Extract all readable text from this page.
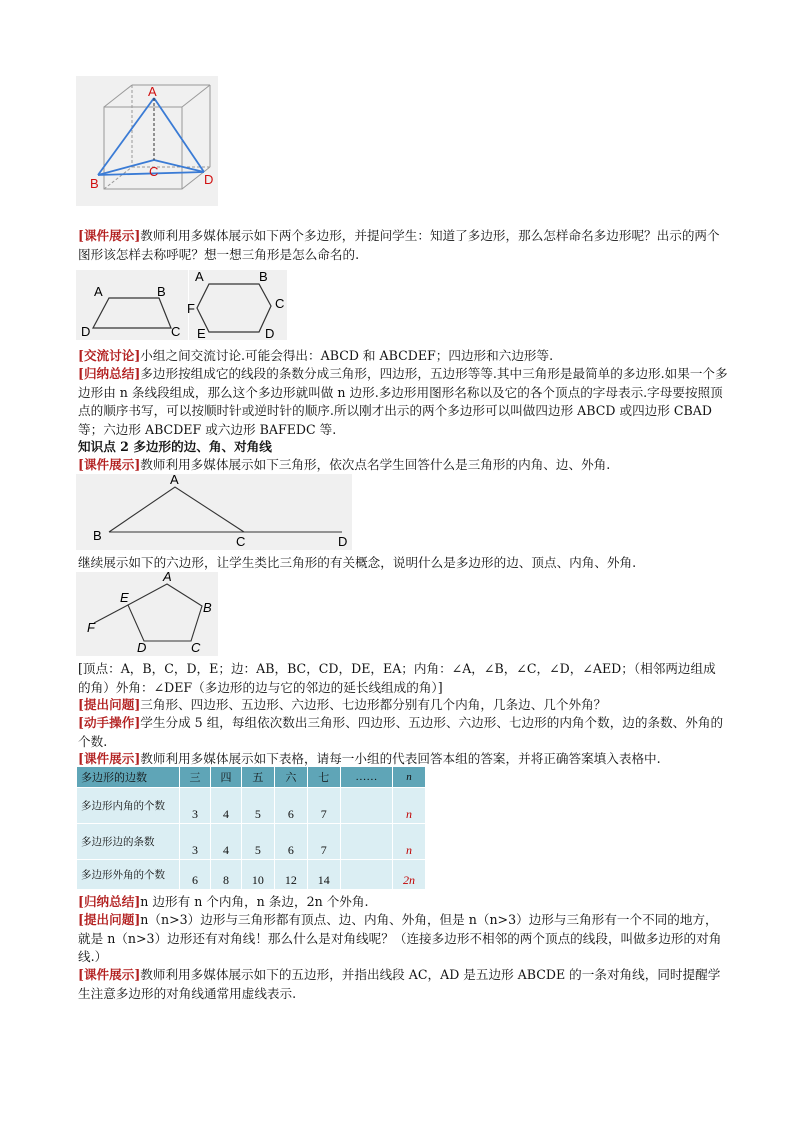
A
B
C
D
[课件展示]教师利用多媒体展示如下两个多边形，并提问学生：知道了多边形，那么怎样命名多边形呢？出示的两个图形该怎样去称呼呢？想一想三角形是怎么命名的.
A	B
C
D
A	B
C
D
E
F
[交流讨论]小组之间交流讨论.可能会得出：ABCD 和 ABCDEF；四边形和六边形等.
[归纳总结]多边形按组成它的线段的条数分成三角形，四边形，五边形等等.其中三角形是最简单的多边形.如果一个多边形由 n 条线段组成，那么这个多边形就叫做 n 边形.多边形用图形名称以及它的各个顶点的字母表示.字母要按照顶点的顺序书写，可以按顺时针或逆时针的顺序.所以刚才出示的两个多边形可以叫做四边形 ABCD 或四边形 CBAD 等；六边形 ABCDEF 或六边形 BAFEDC 等.
知识点 2 多边形的边、角、对角线
[课件展示]教师利用多媒体展示如下三角形，依次点名学生回答什么是三角形的内角、边、外角.
A
B	C	D
继续展示如下的六边形，让学生类比三角形的有关概念，说明什么是多边形的边、顶点、内角、外角.
A
B
C
D
E
F
[顶点：A，B，C，D，E；边：AB，BC，CD，DE，EA；内角：∠A，∠B，∠C，∠D，∠AED；（相邻两边组成的角）外角：∠DEF（多边形的边与它的邻边的延长线组成的角）]
[提出问题]三角形、四边形、五边形、六边形、七边形都分别有几个内角，几条边、几个外角？
[动手操作]学生分成 5 组，每组依次数出三角形、四边形、五边形、六边形、七边形的内角个数，边的条数、外角的个数.
[课件展示]教师利用多媒体展示如下表格，请每一小组的代表回答本组的答案，并将正确答案填入表格中.
多边形的边数	三	四	五	六	七	……	n
多边形内角的个数	3	4	5	6	7		n
多边形边的条数	3	4	5	6	7		n
多边形外角的个数	6	8	10	12	14		2n
[归纳总结]n 边形有 n 个内角，n 条边，2n 个外角.
[提出问题]n（n>3）边形与三角形都有顶点、边、内角、外角，但是 n（n>3）边形与三角形有一个不同的地方，就是 n（n>3）边形还有对角线！那么什么是对角线呢？（连接多边形不相邻的两个顶点的线段，叫做多边形的对角线.）
[课件展示]教师利用多媒体展示如下的五边形，并指出线段 AC，AD 是五边形 ABCDE 的一条对角线，同时提醒学生注意多边形的对角线通常用虚线表示.
